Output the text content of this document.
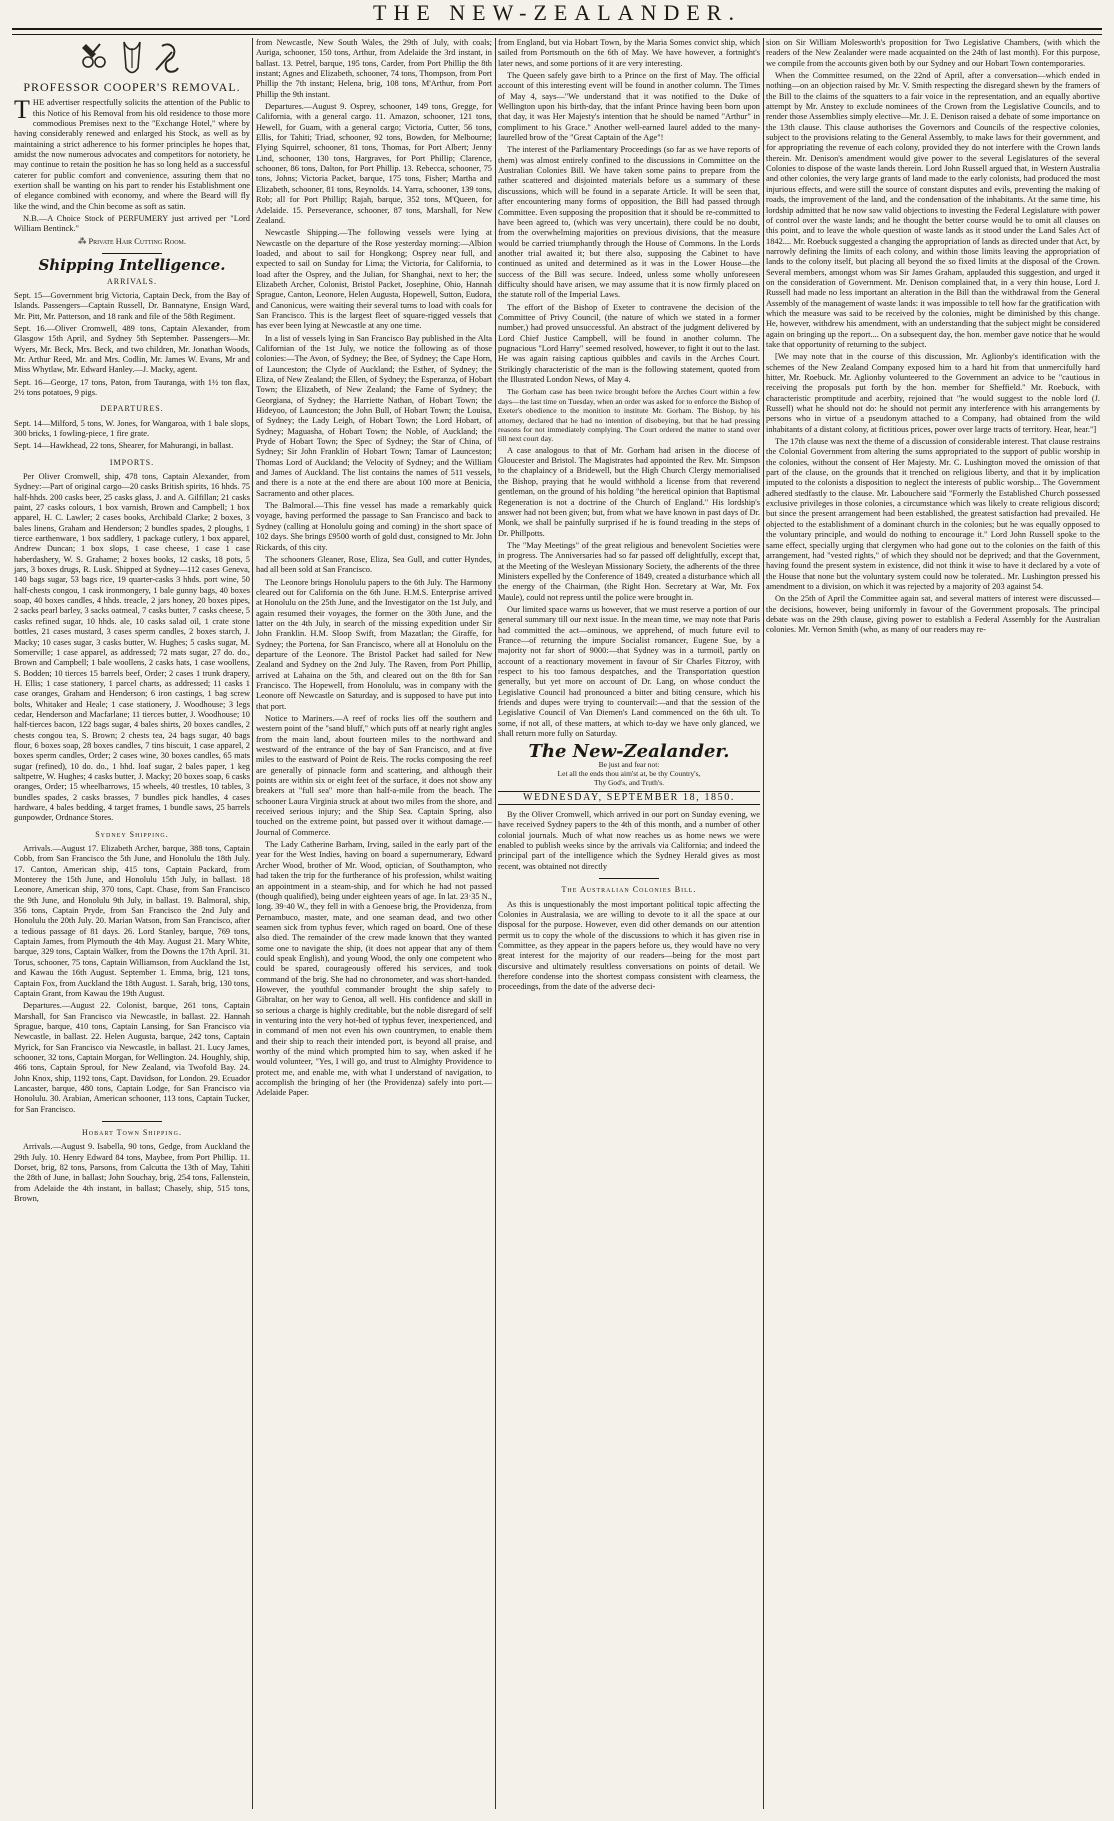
THE NEW-ZEALANDER.
PROFESSOR COOPER'S REMOVAL.

THE advertiser respectfully solicits the attention of the Public to this Notice of his Removal from his old residence to those more commodious Premises next to the "Exchange Hotel," where by having considerably renewed and enlarged his Stock, as well as by maintaining a strict adherence to his former principles he hopes that, amidst the now numerous advocates and competitors for notoriety, he may continue to retain the position he has so long held as a successful caterer for public comfort and convenience, assuring them that no exertion shall be wanting on his part to render his Establishment one of elegance combined with economy, and where the Beard will fly like the wind, and the Chin become as soft as satin.

N.B.—A Choice Stock of PERFUMERY just arrived per "Lord William Bentinck."

⁂ Private Hair Cutting Room.
Shipping Intelligence.
ARRIVALS.

Sept. 15—Government brig Victoria, Captain Deck, from the Bay of Islands. Passengers—Captain Russell, Dr. Bannatyne, Ensign Ward, Mr. Pitt, Mr. Patterson, and 18 rank and file of the 58th Regiment.

Sept. 16.—Oliver Cromwell, 489 tons, Captain Alexander, from Glasgow 15th April, and Sydney 5th September. Passengers—Mr. Wyers, Mr. Beck, Mrs. Beck, and two children, Mr. Jonathan Woods, Mr. Arthur Reed, Mr. and Mrs. Codlin, Mr. James W. Evans, Mr and Miss Whytlaw, Mr. Edward Hanley.—J. Macky, agent.

Sept. 16—George, 17 tons, Paton, from Tauranga, with 1½ ton flax, 2½ tons potatoes, 9 pigs.

DEPARTURES.

Sept. 14—Milford, 5 tons, W. Jones, for Wangaroa, with 1 bale slops, 300 bricks, 1 fowling-piece, 1 fire grate.

Sept. 14—Hawkhead, 22 tons, Shearer, for Mahurangi, in ballast.

IMPORTS.

Per Oliver Cromwell, ship, 478 tons, Captain Alexander, from Sydney:—Part of original cargo—20 casks British spirits, 16 hhds. 75 half-hhds. 200 casks beer, 25 casks glass, J. and A. Gilfillan; 21 casks paint, 27 casks colours, 1 box varnish, Brown and Campbell; 1 box apparel, H. C. Lawler; 2 cases books, Archibald Clarke; 2 boxes, 3 bales linens, Graham and Henderson; 2 bundles spades, 2 ploughs, 1 tierce earthenware, 1 box saddlery, 1 package cutlery, 1 box apparel, Andrew Duncan; 1 box slops, 1 case cheese, 1 case 1 case haberdashery, W. S. Grahame; 2 boxes books, 12 casks, 18 pots, 5 jars, 3 boxes drugs, R. Lusk. Shipped at Sydney—112 cases Geneva, 140 bags sugar, 53 bags rice, 19 quarter-casks 3 hhds. port wine, 50 half-chests congou, 1 cask ironmongery, 1 bale gunny bags, 40 boxes soap, 40 boxes candles, 4 hhds. treacle, 2 jars honey, 20 boxes pipes, 2 sacks pearl barley, 3 sacks oatmeal, 7 casks butter, 7 casks cheese, 5 casks refined sugar, 10 hhds. ale, 10 casks salad oil, 1 crate stone bottles, 21 cases mustard, 3 cases sperm candles, 2 boxes starch, J. Macky; 10 cases sugar, 3 casks butter, W. Hughes; 5 casks sugar, M. Somerville; 1 case apparel, as addressed; 72 mats sugar, 27 do. do., Brown and Campbell; 1 bale woollens, 2 casks hats, 1 case woollens, S. Bodden; 10 tierces 15 barrels beef, Order; 2 cases 1 trunk drapery, H. Ellis; 1 case stationery, 1 parcel charts, as addressed; 11 casks 1 case oranges, Graham and Henderson; 6 iron castings, 1 bag screw bolts, Whitaker and Heale; 1 case stationery, J. Woodhouse; 3 legs cedar, Henderson and Macfarlane; 11 tierces butter, J. Woodhouse; 10 half-tierces bacon, 122 bags sugar, 4 bales shirts, 20 boxes candles, 2 chests congou tea, S. Brown; 2 chests tea, 24 bags sugar, 40 bags flour, 6 boxes soap, 28 boxes candles, 7 tins biscuit, 1 case apparel, 2 boxes sperm candles, Order; 2 cases wine, 30 boxes candles, 65 mats sugar (refined), 10 do. do., 1 hhd. loaf sugar, 2 bales paper, 1 keg saltpetre, W. Hughes; 4 casks butter, J. Macky; 20 boxes soap, 6 casks oranges, Order; 15 wheelbarrows, 15 wheels, 40 trestles, 10 tables, 3 bundles spades, 2 casks brasses, 7 bundles pick handles, 4 cases hardware, 4 bales bedding, 4 target frames, 1 bundle saws, 25 barrels gunpowder, Ordnance Stores.

Sydney Shipping.

Arrivals.—August 17. Elizabeth Archer, barque, 388 tons, Captain Cobb, from San Francisco the 5th June, and Honolulu the 18th July. 17. Canton, American ship, 415 tons, Captain Packard, from Monterey the 15th June, and Honolulu 15th July, in ballast. 18 Leonore, American ship, 370 tons, Capt. Chase, from San Francisco the 9th June, and Honolulu 9th July, in ballast. 19. Balmoral, ship, 356 tons, Captain Pryde, from San Francisco the 2nd July and Honolulu the 20th July. 20. Marian Watson, from San Francisco, after a tedious passage of 81 days. 26. Lord Stanley, barque, 769 tons, Captain James, from Plymouth the 4th May. August 21. Mary White, barque, 329 tons, Captain Walker, from the Downs the 17th April. 31. Torus, schooner, 75 tons, Captain Williamson, from Auckland the 1st, and Kawau the 16th August. September 1. Emma, brig, 121 tons, Captain Fox, from Auckland the 18th August. 1. Sarah, brig, 130 tons, Captain Grant, from Kawau the 19th August.

Departures.—August 22. Colonist, barque, 261 tons, Captain Marshall, for San Francisco via Newcastle, in ballast. 22. Hannah Sprague, barque, 410 tons, Captain Lansing, for San Francisco via Newcastle, in ballast. 22. Helen Augusta, barque, 242 tons, Captain Myrick, for San Francisco via Newcastle, in ballast. 21. Lucy James, schooner, 32 tons, Captain Morgan, for Wellington. 24. Houghly, ship, 466 tons, Captain Sproul, for New Zealand, via Twofold Bay. 24. John Knox, ship, 1192 tons, Capt. Davidson, for London. 29. Ecuador Lancaster, barque, 480 tons, Captain Lodge, for San Francisco via Honolulu. 30. Arabian, American schooner, 113 tons, Captain Tucker, for San Francisco.

Hobart Town Shipping.

Arrivals.—August 9. Isabella, 90 tons, Gedge, from Auckland the 29th July. 10. Henry Edward 84 tons, Maybee, from Port Phillip. 11. Dorset, brig, 82 tons, Parsons, from Calcutta the 13th of May, Tahiti the 28th of June, in ballast; John Souchay, brig, 254 tons, Fallenstein, from Adelaide the 4th instant, in ballast; Chasely, ship, 515 tons, Brown,

from Newcastle, New South Wales, the 29th of July, with coals; Auriga, schooner, 150 tons, Arthur, from Adelaide the 3rd instant, in ballast. 13. Petrel, barque, 195 tons, Carder, from Port Phillip the 8th instant; Agnes and Elizabeth, schooner, 74 tons, Thompson, from Port Phillip the 7th instant; Helena, brig, 108 tons, M'Arthur, from Port Phillip the 9th instant.

Departures.—August 9. Osprey, schooner, 149 tons, Gregge, for California, with a general cargo. 11. Amazon, schooner, 121 tons, Hewell, for Guam, with a general cargo; Victoria, Cutter, 56 tons, Ellis, for Tahiti; Triad, schooner, 92 tons, Bowden, for Melbourne; Flying Squirrel, schooner, 81 tons, Thomas, for Port Albert; Jenny Lind, schooner, 130 tons, Hargraves, for Port Phillip; Clarence, schooner, 86 tons, Dalton, for Port Phillip. 13. Rebecca, schooner, 75 tons, Johns; Victoria Packet, barque, 175 tons, Fisher; Martha and Elizabeth, schooner, 81 tons, Reynolds. 14. Yarra, schooner, 139 tons, Rob; all for Port Phillip; Rajah, barque, 352 tons, M'Queen, for Adelaide. 15. Perseverance, schooner, 87 tons, Marshall, for New Zealand.

Newcastle Shipping.—The following vessels were lying at Newcastle on the departure of the Rose yesterday morning:—Albion loaded, and about to sail for Hongkong; Osprey near full, and expected to sail on Sunday for Lima; the Victoria, for California, to load after the Osprey, and the Julian, for Shanghai, next to her; the Elizabeth Archer, Colonist, Bristol Packet, Josephine, Ohio, Hannah Sprague, Canton, Leonore, Helen Augusta, Hopewell, Sutton, Eudora, and Canonicus, were waiting their several turns to load with coals for San Francisco. This is the largest fleet of square-rigged vessels that has ever been lying at Newcastle at any one time.

In a list of vessels lying in San Francisco Bay published in the Alta Californian of the 1st July, we notice the following as of those colonies:—The Avon, of Sydney; the Bee, of Sydney; the Cape Horn, of Launceston; the Clyde of Auckland; the Esther, of Sydney; the Eliza, of New Zealand; the Ellen, of Sydney; the Esperanza, of Hobart Town; the Elizabeth, of New Zealand; the Fame of Sydney; the Georgiana, of Sydney; the Harriette Nathan, of Hobart Town; the Hideyoo, of Launceston; the John Bull, of Hobart Town; the Louisa, of Sydney; the Lady Leigh, of Hobart Town; the Lord Hobart, of Sydney; Maguasha, of Hobart Town; the Noble, of Auckland; the Pryde of Hobart Town; the Spec of Sydney; the Star of China, of Sydney; Sir John Franklin of Hobart Town; Tamar of Launceston; Thomas Lord of Auckland; the Velocity of Sydney; and the William and James of Auckland. The list contains the names of 511 vessels, and there is a note at the end there are about 100 more at Benicia, Sacramento and other places.

The Balmoral.—This fine vessel has made a remarkably quick voyage, having performed the passage to San Francisco and back to Sydney (calling at Honolulu going and coming) in the short space of 102 days. She brings £9500 worth of gold dust, consigned to Mr. John Rickards, of this city.

The schooners Gleaner, Rose, Eliza, Sea Gull, and cutter Hyndes, had all been sold at San Francisco.

The Leonore brings Honolulu papers to the 6th July. The Harmony cleared out for California on the 6th June. H.M.S. Enterprise arrived at Honolulu on the 25th June, and the Investigator on the 1st July, and again resumed their voyages, the former on the 30th June, and the latter on the 4th July, in search of the missing expedition under Sir John Franklin. H.M. Sloop Swift, from Mazatlan; the Giraffe, for Sydney; the Portena, for San Francisco, where all at Honolulu on the departure of the Leonore. The Bristol Packet had sailed for New Zealand and Sydney on the 2nd July. The Raven, from Port Phillip, arrived at Lahaina on the 5th, and cleared out on the 8th for San Francisco. The Hopewell, from Honolulu, was in company with the Leonore off Newcastle on Saturday, and is supposed to have put into that port.

Notice to Mariners.—A reef of rocks lies off the southern and western point of the "sand bluff," which puts off at nearly right angles from the main land, about fourteen miles to the northward and westward of the entrance of the bay of San Francisco, and at five miles to the eastward of Point de Reis. The rocks composing the reef are generally of pinnacle form and scattering, and although their points are within six or eight feet of the surface, it does not show any breakers at "full sea" more than half-a-mile from the beach. The schooner Laura Virginia struck at about two miles from the shore, and received serious injury; and the Ship Sea. Captain Spring, also touched on the extreme point, but passed over it without damage.—Journal of Commerce.

The Lady Catherine Barham, Irving, sailed in the early part of the year for the West Indies, having on board a supernumerary, Edward Archer Wood, brother of Mr. Wood, optician, of Southampton, who had taken the trip for the furtherance of his profession, whilst waiting an appointment in a steam-ship, and for which he had not passed (though qualified), being under eighteen years of age. In lat. 23·35 N., long. 39·40 W., they fell in with a Genoese brig, the Providenza, from Pernambuco, master, mate, and one seaman dead, and two other seamen sick from typhus fever, which raged on board. One of these also died. The remainder of the crew made known that they wanted some one to navigate the ship, (it does not appear that any of them could speak English), and young Wood, the only one competent who could be spared, courageously offered his services, and took command of the brig. She had no chronometer, and was short-handed. However, the youthful commander brought the ship safely to Gibraltar, on her way to Genoa, all well. His confidence and skill in so serious a charge is highly creditable, but the noble disregard of self in venturing into the very hot-bed of typhus fever, inexperienced, and in command of men not even his own countrymen, to enable them and their ship to reach their intended port, is beyond all praise, and worthy of the mind which prompted him to say, when asked if he would volunteer, "Yes, I will go, and trust to Almighty Providence to protect me, and enable me, with what I understand of navigation, to accomplish the bringing of her (the Providenza) safely into port.—Adelaide Paper.

from England, but via Hobart Town, by the Maria Somes convict ship, which sailed from Portsmouth on the 6th of May. We have however, a fortnight's later news, and some portions of it are very interesting.

The Queen safely gave birth to a Prince on the first of May. The official account of this interesting event will be found in another column. The Times of May 4, says—"We understand that it was notified to the Duke of Wellington upon his birth-day, that the infant Prince having been born upon that day, it was Her Majesty's intention that he should be named "Arthur" in compliment to his Grace." Another well-earned laurel added to the many-laurelled brow of the "Great Captain of the Age"!

The interest of the Parliamentary Proceedings (so far as we have reports of them) was almost entirely confined to the discussions in Committee on the Australian Colonies Bill. We have taken some pains to prepare from the rather scattered and disjointed materials before us a summary of these discussions, which will be found in a separate Article. It will be seen that, after encountering many forms of opposition, the Bill had passed through Committee. Even supposing the proposition that it should be re-committed to have been agreed to, (which was very uncertain), there could be no doubt, from the overwhelming majorities on previous divisions, that the measure would be carried triumphantly through the House of Commons. In the Lords another trial awaited it; but there also, supposing the Cabinet to have continued as united and determined as it was in the Lower House—the success of the Bill was secure. Indeed, unless some wholly unforeseen difficulty should have arisen, we may assume that it is now firmly placed on the statute roll of the Imperial Laws.

The effort of the Bishop of Exeter to contravene the decision of the Committee of Privy Council, (the nature of which we stated in a former number,) had proved unsuccessful. An abstract of the judgment delivered by Lord Chief Justice Campbell, will be found in another column. The pugnacious "Lord Harry" seemed resolved, however, to fight it out to the last. He was again raising captious quibbles and cavils in the Arches Court. Strikingly characteristic of the man is the following statement, quoted from the Illustrated London News, of May 4.

The Gorham case has been twice brought before the Arches Court within a few days—the last time on Tuesday, when an order was asked for to enforce the Bishop of Exeter's obedience to the monition to institute Mr. Gorham. The Bishop, by his attorney, declared that he had no intention of disobeying, but that he had pressing reasons for not immediately complying. The Court ordered the matter to stand over till next court day.

A case analogous to that of Mr. Gorham had arisen in the diocese of Gloucester and Bristol. The Magistrates had appointed the Rev. Mr. Simpson to the chaplaincy of a Bridewell, but the High Church Clergy memorialised the Bishop, praying that he would withhold a license from that reverend gentleman, on the ground of his holding "the heretical opinion that Baptismal Regeneration is not a doctrine of the Church of England." His lordship's answer had not been given; but, from what we have known in past days of Dr. Monk, we shall be painfully surprised if he is found treading in the steps of Dr. Phillpotts.

The "May Meetings" of the great religious and benevolent Societies were in progress. The Anniversaries had so far passed off delightfully, except that, at the Meeting of the Wesleyan Missionary Society, the adherents of the three Ministers expelled by the Conference of 1849, created a disturbance which all the energy of the Chairman, (the Right Hon. Secretary at War, Mr. Fox Maule), could not repress until the police were brought in.

Our limited space warns us however, that we must reserve a portion of our general summary till our next issue. In the mean time, we may note that Paris had committed the act—ominous, we apprehend, of much future evil to France—of returning the impure Socialist romancer, Eugene Sue, by a majority not far short of 9000:—that Sydney was in a turmoil, partly on account of a reactionary movement in favour of Sir Charles Fitzroy, with respect to his too famous despatches, and the Transportation question generally, but yet more on account of Dr. Lang, on whose conduct the Legislative Council had pronounced a bitter and biting censure, which his friends and dupes were trying to countervail:—and that the session of the Legislative Council of Van Diemen's Land commenced on the 6th ult. To some, if not all, of these matters, at which to-day we have only glanced, we shall return more fully on Saturday.

The New-Zealander.
Be just and fear not:
Let all the ends thou aim'st at, be thy Country's,
Thy God's, and Truth's.
WEDNESDAY, SEPTEMBER 18, 1850.

By the Oliver Cromwell, which arrived in our port on Sunday evening, we have received Sydney papers to the 4th of this month, and a number of other colonial journals. Much of what now reaches us as home news we were enabled to publish weeks since by the arrivals via California; and indeed the principal part of the intelligence which the Sydney Herald gives as most recent, was obtained not directly

The Australian Colonies Bill.

As this is unquestionably the most important political topic affecting the Colonies in Australasia, we are willing to devote to it all the space at our disposal for the purpose. However, even did other demands on our attention permit us to copy the whole of the discussions to which it has given rise in Committee, as they appear in the papers before us, they would have no very great interest for the majority of our readers—being for the most part discursive and ultimately resultless conversations on points of detail. We therefore condense into the shortest compass consistent with clearness, the proceedings, from the date of the adverse deci-

sion on Sir William Molesworth's proposition for Two Legislative Chambers, (with which the readers of the New Zealander were made acquainted on the 24th of last month). For this purpose, we compile from the accounts given both by our Sydney and our Hobart Town contemporaries.

When the Committee resumed, on the 22nd of April, after a conversation—which ended in nothing—on an objection raised by Mr. V. Smith respecting the disregard shewn by the framers of the Bill to the claims of the squatters to a fair voice in the representation, and an equally abortive attempt by Mr. Anstey to exclude nominees of the Crown from the Legislative Councils, and to render those Assemblies simply elective—Mr. J. E. Denison raised a debate of some importance on the 13th clause. This clause authorises the Governors and Councils of the respective colonies, subject to the provisions relating to the General Assembly, to make laws for their government, and for appropriating the revenue of each colony, provided they do not interfere with the Crown lands therein. Mr. Denison's amendment would give power to the several Legislatures of the several Colonies to dispose of the waste lands therein. Lord John Russell argued that, in Western Australia and other colonies, the very large grants of land made to the early colonists, had produced the most injurious effects, and were still the source of constant disputes and evils, preventing the making of roads, the improvement of the land, and the condensation of the inhabitants. At the same time, his lordship admitted that he now saw valid objections to investing the Federal Legislature with power of control over the waste lands; and he thought the better course would be to omit all clauses on this point, and to leave the whole question of waste lands as it stood under the Land Sales Act of 1842.... Mr. Roebuck suggested a changing the appropriation of lands as directed under that Act, by narrowly defining the limits of each colony, and within those limits leaving the appropriation of lands to the colony itself, but placing all beyond the so fixed limits at the disposal of the Crown. Several members, amongst whom was Sir James Graham, applauded this suggestion, and urged it on the consideration of Government. Mr. Denison complained that, in a very thin house, Lord J. Russell had made no less important an alteration in the Bill than the withdrawal from the General Assembly of the management of waste lands: it was impossible to tell how far the gratification with which the measure was said to be received by the colonies, might be diminished by this change. He, however, withdrew his amendment, with an understanding that the subject might be considered again on bringing up the report.... On a subsequent day, the hon. member gave notice that he would take that opportunity of returning to the subject.

[We may note that in the course of this discussion, Mr. Aglionby's identification with the schemes of the New Zealand Company exposed him to a hard hit from that unmercifully hard hitter, Mr. Roebuck. Mr. Aglionby volunteered to the Government an advice to be "cautious in receiving the proposals put forth by the hon. member for Sheffield." Mr. Roebuck, with characteristic promptitude and acerbity, rejoined that "he would suggest to the noble lord (J. Russell) what he should not do: he should not permit any interference with his arrangements by persons who in virtue of a pseudonym attached to a Company, had obtained from the wild inhabitants of a distant colony, at fictitious prices, power over large tracts of territory. Hear, hear."]

The 17th clause was next the theme of a discussion of considerable interest. That clause restrains the Colonial Government from altering the sums appropriated to the support of public worship in the colonies, without the consent of Her Majesty. Mr. C. Lushington moved the omission of that part of the clause, on the grounds that it trenched on religious liberty, and that it by implication imputed to the colonists a disposition to neglect the interests of public worship... The Government adhered stedfastly to the clause. Mr. Labouchere said "Formerly the Established Church possessed exclusive privileges in those colonies, a circumstance which was likely to create religious discord; but since the present arrangement had been established, the greatest satisfaction had prevailed. He objected to the establishment of a dominant church in the colonies; but he was equally opposed to the voluntary principle, and would do nothing to encourage it." Lord John Russell spoke to the same effect, specially urging that clergymen who had gone out to the colonies on the faith of this arrangement, had "vested rights," of which they should not be deprived; and that the Government, having found the present system in existence, did not think it wise to have it declared by a vote of the House that none but the voluntary system could now be tolerated.. Mr. Lushington pressed his amendment to a division, on which it was rejected by a majority of 203 against 54.

On the 25th of April the Committee again sat, and several matters of interest were discussed—the decisions, however, being uniformly in favour of the Government proposals. The principal debate was on the 29th clause, giving power to establish a Federal Assembly for the Australian colonies. Mr. Vernon Smith (who, as many of our readers may re-
